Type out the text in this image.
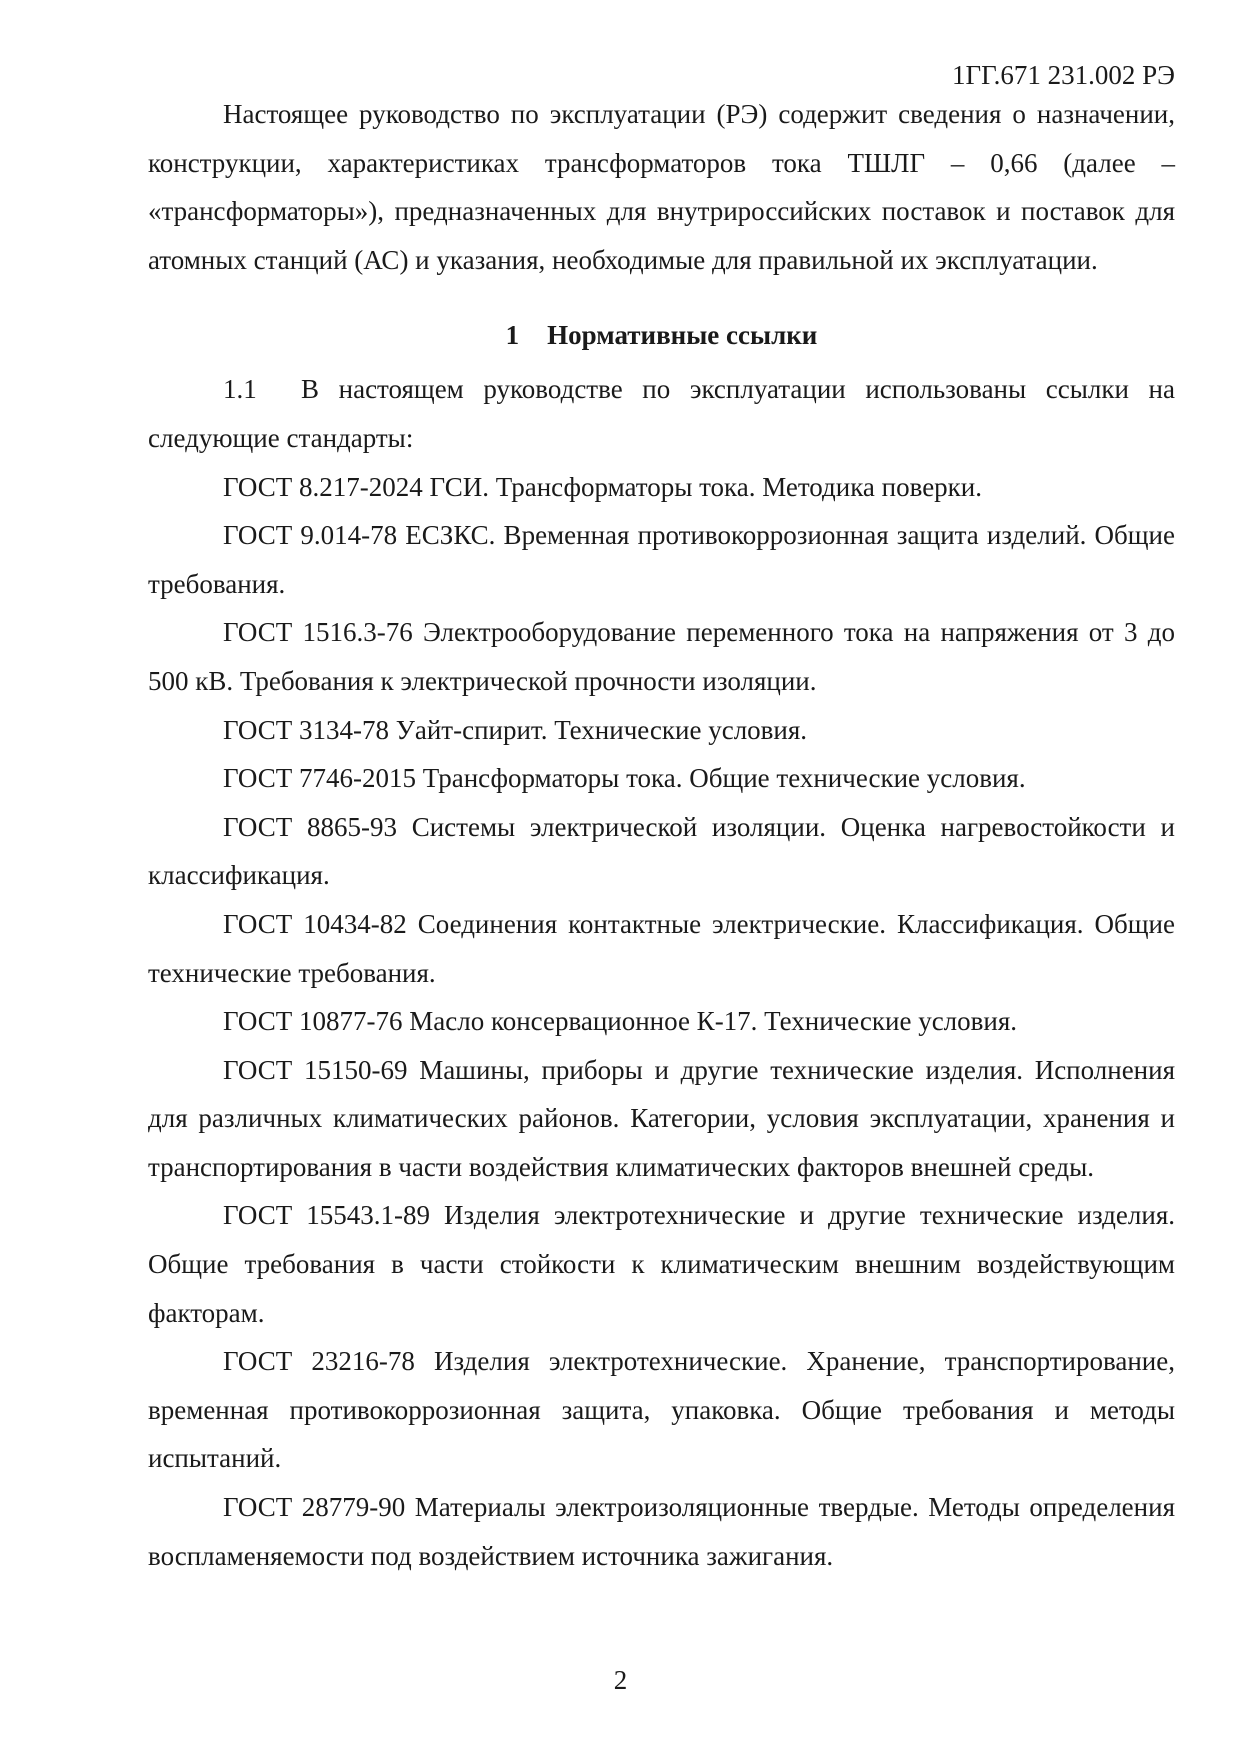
1ГГ.671 231.002 РЭ

Настоящее руководство по эксплуатации (РЭ) содержит сведения о назначении, конструкции, характеристиках трансформаторов тока ТШЛГ – 0,66 (далее – «трансформаторы»), предназначенных для внутрироссийских поставок и поставок для атомных станций (АС) и указания, необходимые для правильной их эксплуатации.

1 Нормативные ссылки

1.1 В настоящем руководстве по эксплуатации использованы ссылки на следующие стандарты:

ГОСТ 8.217-2024 ГСИ. Трансформаторы тока. Методика поверки.

ГОСТ 9.014-78 ЕСЗКС. Временная противокоррозионная защита изделий. Общие требования.

ГОСТ 1516.3-76 Электрооборудование переменного тока на напряжения от 3 до 500 кВ. Требования к электрической прочности изоляции.

ГОСТ 3134-78 Уайт-спирит. Технические условия.

ГОСТ 7746-2015 Трансформаторы тока. Общие технические условия.

ГОСТ 8865-93 Системы электрической изоляции. Оценка нагревостойкости и классификация.

ГОСТ 10434-82 Соединения контактные электрические. Классификация. Общие технические требования.

ГОСТ 10877-76 Масло консервационное К-17. Технические условия.

ГОСТ 15150-69 Машины, приборы и другие технические изделия. Исполнения для различных климатических районов. Категории, условия эксплуатации, хранения и транспортирования в части воздействия климатических факторов внешней среды.

ГОСТ 15543.1-89 Изделия электротехнические и другие технические изделия. Общие требования в части стойкости к климатическим внешним воздействующим факторам.

ГОСТ 23216-78 Изделия электротехнические. Хранение, транспортирование, временная противокоррозионная защита, упаковка. Общие требования и методы испытаний.

ГОСТ 28779-90 Материалы электроизоляционные твердые. Методы определения воспламеняемости под воздействием источника зажигания.

2
